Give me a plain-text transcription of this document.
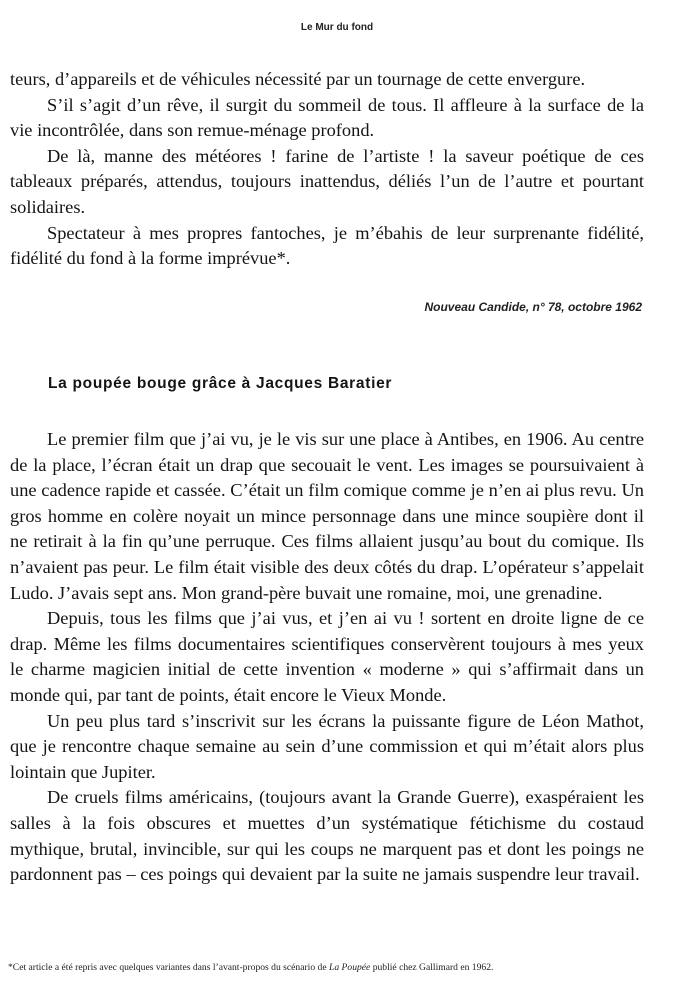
Le Mur du fond

teurs, d’appareils et de véhicules nécessité par un tournage de cette envergure.

S’il s’agit d’un rêve, il surgit du sommeil de tous. Il affleure à la surface de la vie incontrôlée, dans son remue-ménage profond.

De là, manne des météores ! farine de l’artiste ! la saveur poétique de ces tableaux préparés, attendus, toujours inattendus, déliés l’un de l’autre et pourtant solidaires.

Spectateur à mes propres fantoches, je m’ébahis de leur surprenante fidélité, fidélité du fond à la forme imprévue*.

Nouveau Candide, n° 78, octobre 1962
La poupée bouge grâce à Jacques Baratier

Le premier film que j’ai vu, je le vis sur une place à Antibes, en 1906. Au centre de la place, l’écran était un drap que secouait le vent. Les images se poursuivaient à une cadence rapide et cassée. C’était un film comique comme je n’en ai plus revu. Un gros homme en colère noyait un mince personnage dans une mince soupière dont il ne retirait à la fin qu’une perruque. Ces films allaient jusqu’au bout du comique. Ils n’avaient pas peur. Le film était visible des deux côtés du drap. L’opérateur s’appelait Ludo. J’avais sept ans. Mon grand-père buvait une romaine, moi, une grenadine.

Depuis, tous les films que j’ai vus, et j’en ai vu ! sortent en droite ligne de ce drap. Même les films documentaires scientifiques conservèrent toujours à mes yeux le charme magicien initial de cette invention « moderne » qui s’affirmait dans un monde qui, par tant de points, était encore le Vieux Monde.

Un peu plus tard s’inscrivit sur les écrans la puissante figure de Léon Mathot, que je rencontre chaque semaine au sein d’une commission et qui m’était alors plus lointain que Jupiter.

De cruels films américains, (toujours avant la Grande Guerre), exaspéraient les salles à la fois obscures et muettes d’un systématique fétichisme du costaud mythique, brutal, invincible, sur qui les coups ne marquent pas et dont les poings ne pardonnent pas – ces poings qui devaient par la suite ne jamais suspendre leur travail.

*Cet article a été repris avec quelques variantes dans l’avant-propos du scénario de La Poupée publié chez Gallimard en 1962.
